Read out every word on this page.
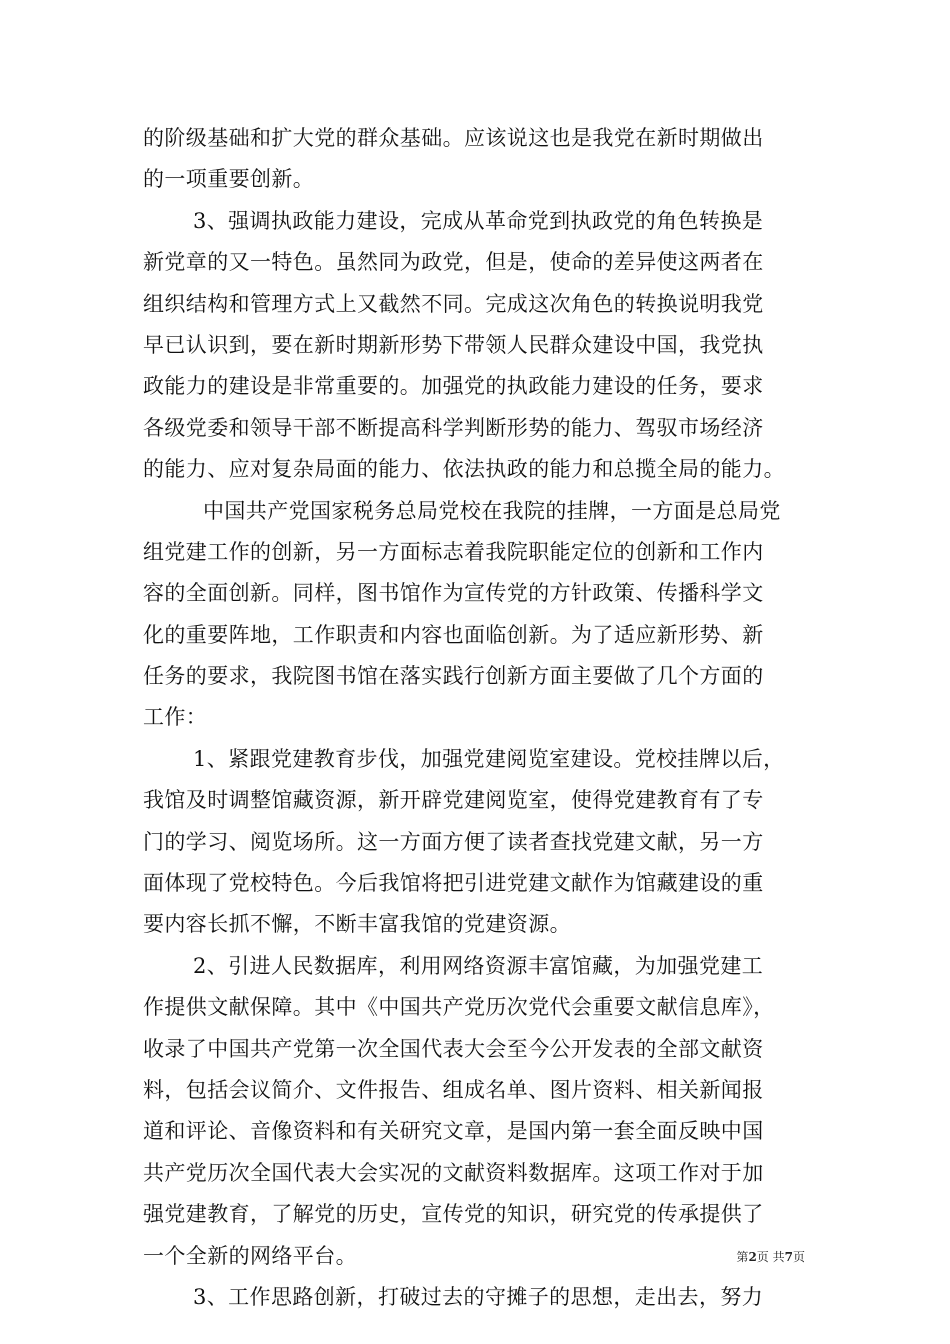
的阶级基础和扩大党的群众基础。应该说这也是我党在新时期做出
的一项重要创新。
3、强调执政能力建设，完成从革命党到执政党的角色转换是
新党章的又一特色。虽然同为政党，但是，使命的差异使这两者在
组织结构和管理方式上又截然不同。完成这次角色的转换说明我党
早已认识到，要在新时期新形势下带领人民群众建设中国，我党执
政能力的建设是非常重要的。加强党的执政能力建设的任务，要求
各级党委和领导干部不断提高科学判断形势的能力、驾驭市场经济
的能力、应对复杂局面的能力、依法执政的能力和总揽全局的能力。
中国共产党国家税务总局党校在我院的挂牌，一方面是总局党
组党建工作的创新，另一方面标志着我院职能定位的创新和工作内
容的全面创新。同样，图书馆作为宣传党的方针政策、传播科学文
化的重要阵地，工作职责和内容也面临创新。为了适应新形势、新
任务的要求，我院图书馆在落实践行创新方面主要做了几个方面的
工作：
1、紧跟党建教育步伐，加强党建阅览室建设。党校挂牌以后，
我馆及时调整馆藏资源，新开辟党建阅览室，使得党建教育有了专
门的学习、阅览场所。这一方面方便了读者查找党建文献，另一方
面体现了党校特色。今后我馆将把引进党建文献作为馆藏建设的重
要内容长抓不懈，不断丰富我馆的党建资源。
2、引进人民数据库，利用网络资源丰富馆藏，为加强党建工
作提供文献保障。其中《中国共产党历次党代会重要文献信息库》，
收录了中国共产党第一次全国代表大会至今公开发表的全部文献资
料，包括会议简介、文件报告、组成名单、图片资料、相关新闻报
道和评论、音像资料和有关研究文章，是国内第一套全面反映中国
共产党历次全国代表大会实况的文献资料数据库。这项工作对于加
强党建教育，了解党的历史，宣传党的知识，研究党的传承提供了
一个全新的网络平台。
3、工作思路创新，打破过去的守摊子的思想，走出去，努力
第2页 共7页
